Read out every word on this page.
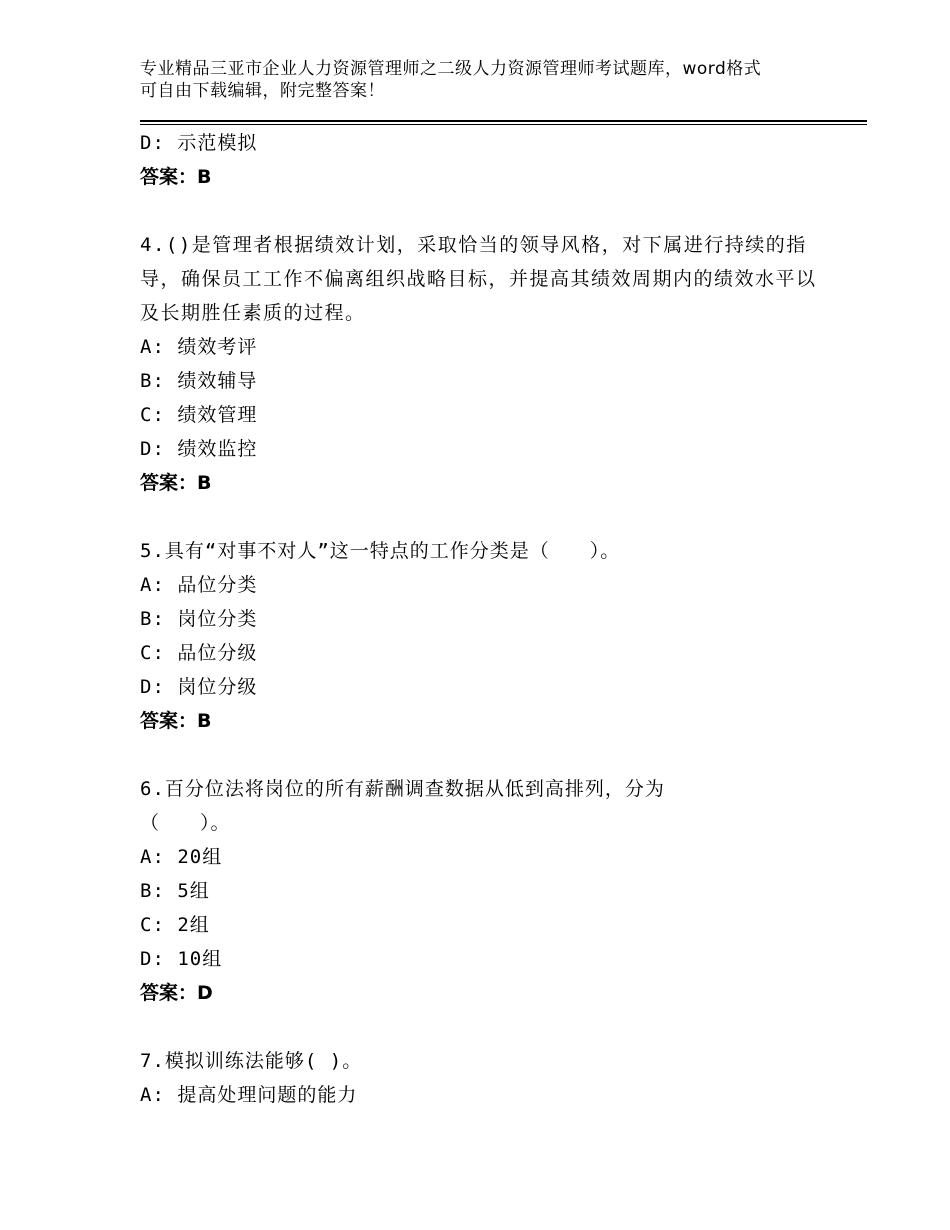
专业精品三亚市企业人力资源管理师之二级人力资源管理师考试题库，word格式
可自由下载编辑，附完整答案！
D: 示范模拟
答案：B
4.()是管理者根据绩效计划，采取恰当的领导风格，对下属进行持续的指导，确保员工工作不偏离组织战略目标，并提高其绩效周期内的绩效水平以及长期胜任素质的过程。
A: 绩效考评
B: 绩效辅导
C: 绩效管理
D: 绩效监控
答案：B
5.具有“对事不对人”这一特点的工作分类是（　　）。
A: 品位分类
B: 岗位分类
C: 品位分级
D: 岗位分级
答案：B
6.百分位法将岗位的所有薪酬调查数据从低到高排列，分为
（　　）。
A: 20组
B: 5组
C: 2组
D: 10组
答案：D
7.模拟训练法能够( )。
A: 提高处理问题的能力
